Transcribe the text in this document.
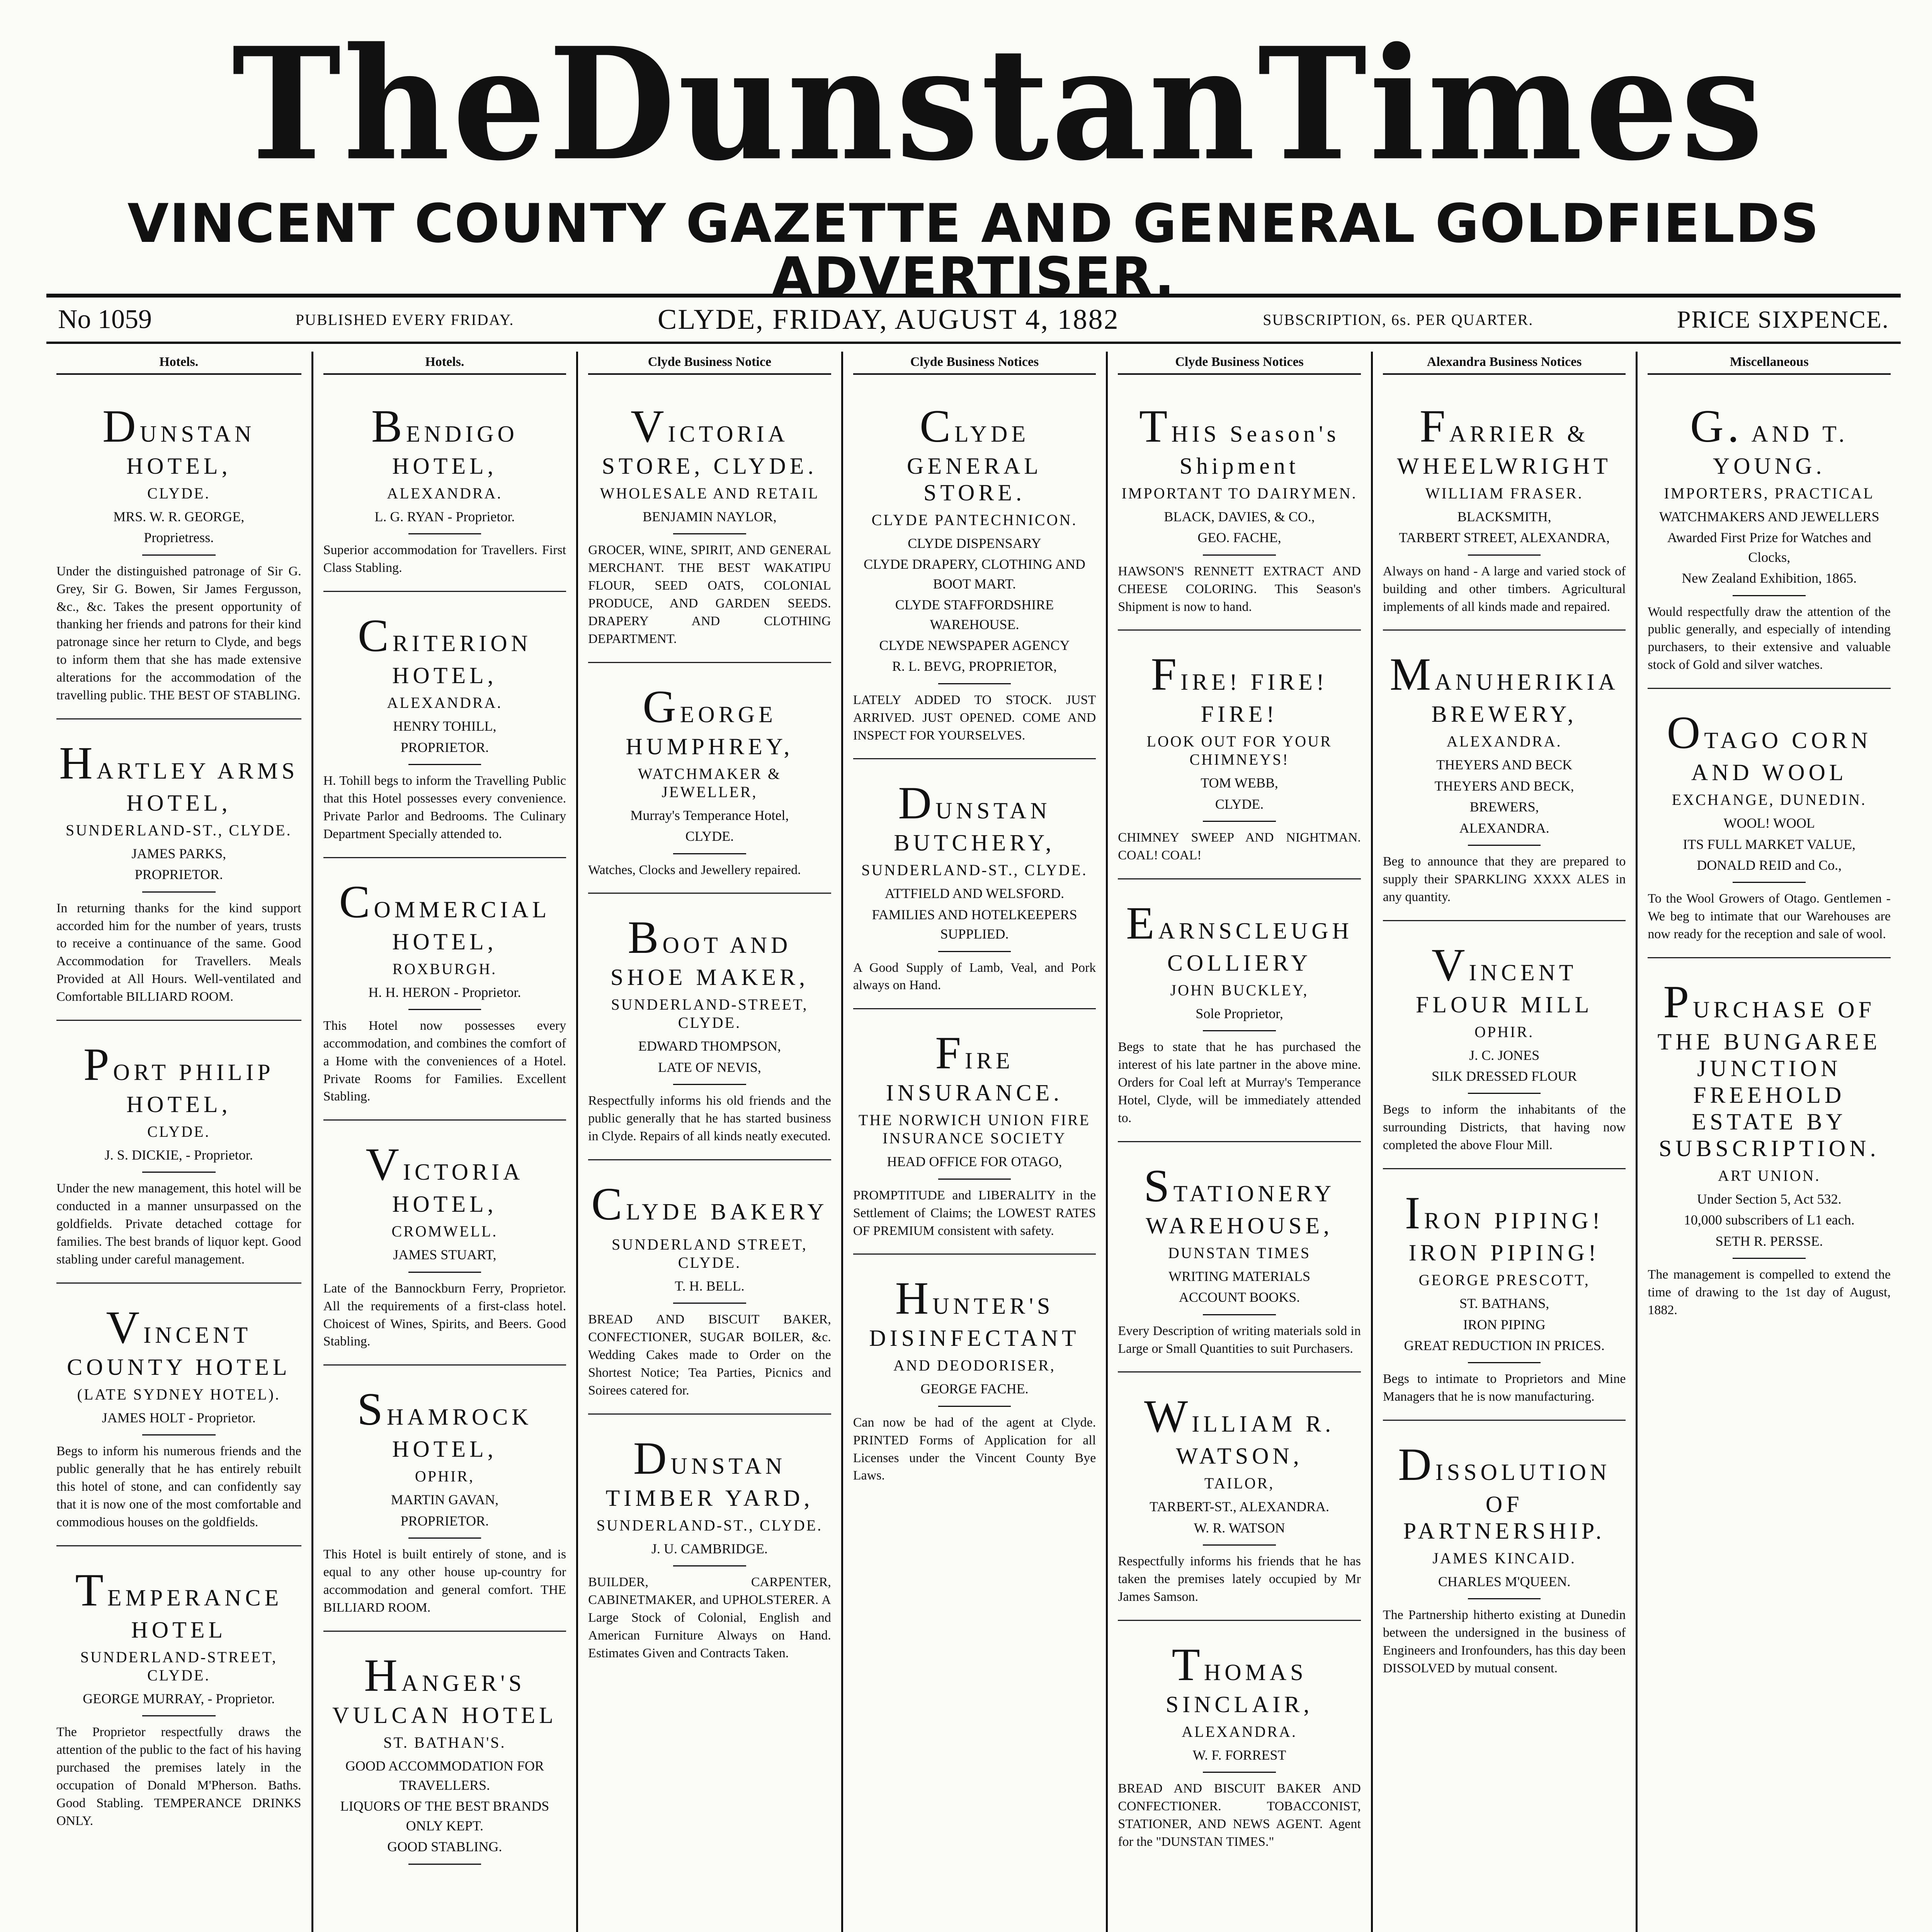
The Dunstan Times
VINCENT COUNTY GAZETTE AND GENERAL GOLDFIELDS ADVERTISER.
No 1059	PUBLISHED EVERY FRIDAY.	CLYDE, FRIDAY, AUGUST 4, 1882	SUBSCRIPTION, 6s. PER QUARTER.	PRICE SIXPENCE.
Hotels.
DUNSTAN HOTEL,
CLYDE.
MRS. W. R. GEORGE,
Proprietress.
Under the distinguished patronage of Sir G. Grey, Sir G. Bowen, Sir James Fergusson, &c., &c. Takes the present opportunity of thanking her friends and patrons for their kind patronage since her return to Clyde, and begs to inform them that she has made extensive alterations for the accommodation of the travelling public. THE BEST OF STABLING.
HARTLEY ARMS HOTEL,
SUNDERLAND-ST., CLYDE.
JAMES PARKS,
PROPRIETOR.
In returning thanks for the kind support accorded him for the number of years, trusts to receive a continuance of the same. Good Accommodation for Travellers. Meals Provided at All Hours. Well-ventilated and Comfortable BILLIARD ROOM.
PORT PHILIP HOTEL,
CLYDE.
J. S. DICKIE, - Proprietor.
Under the new management, this hotel will be conducted in a manner unsurpassed on the goldfields. Private detached cottage for families. The best brands of liquor kept. Good stabling under careful management.
VINCENT COUNTY HOTEL
(LATE SYDNEY HOTEL).
JAMES HOLT - Proprietor.
Begs to inform his numerous friends and the public generally that he has entirely rebuilt this hotel of stone, and can confidently say that it is now one of the most comfortable and commodious houses on the goldfields.
TEMPERANCE HOTEL
SUNDERLAND-STREET, CLYDE.
GEORGE MURRAY, - Proprietor.
The Proprietor respectfully draws the attention of the public to the fact of his having purchased the premises lately in the occupation of Donald M'Pherson. Baths. Good Stabling. TEMPERANCE DRINKS ONLY.
Hotels.
BENDIGO HOTEL,
ALEXANDRA.
L. G. RYAN - Proprietor.
Superior accommodation for Travellers. First Class Stabling.
CRITERION HOTEL,
ALEXANDRA.
HENRY TOHILL,
PROPRIETOR.
H. Tohill begs to inform the Travelling Public that this Hotel possesses every convenience. Private Parlor and Bedrooms. The Culinary Department Specially attended to.
COMMERCIAL HOTEL,
ROXBURGH.
H. H. HERON - Proprietor.
This Hotel now possesses every accommodation, and combines the comfort of a Home with the conveniences of a Hotel. Private Rooms for Families. Excellent Stabling.
VICTORIA HOTEL,
CROMWELL.
JAMES STUART,
Late of the Bannockburn Ferry, Proprietor. All the requirements of a first-class hotel. Choicest of Wines, Spirits, and Beers. Good Stabling.
SHAMROCK HOTEL,
OPHIR,
MARTIN GAVAN,
PROPRIETOR.
This Hotel is built entirely of stone, and is equal to any other house up-country for accommodation and general comfort. THE BILLIARD ROOM.
HANGER'S VULCAN HOTEL
ST. BATHAN'S.
GOOD ACCOMMODATION FOR TRAVELLERS.
LIQUORS OF THE BEST BRANDS ONLY KEPT.
GOOD STABLING.
Clyde Business Notice
VICTORIA STORE, CLYDE.
WHOLESALE AND RETAIL
BENJAMIN NAYLOR,
GROCER, WINE, SPIRIT, AND GENERAL MERCHANT. THE BEST WAKATIPU FLOUR, SEED OATS, COLONIAL PRODUCE, AND GARDEN SEEDS. DRAPERY AND CLOTHING DEPARTMENT.
GEORGE HUMPHREY,
WATCHMAKER & JEWELLER,
Murray's Temperance Hotel,
CLYDE.
Watches, Clocks and Jewellery repaired.
BOOT AND SHOE MAKER,
SUNDERLAND-STREET, CLYDE.
EDWARD THOMPSON,
LATE OF NEVIS,
Respectfully informs his old friends and the public generally that he has started business in Clyde. Repairs of all kinds neatly executed.
CLYDE BAKERY
SUNDERLAND STREET, CLYDE.
T. H. BELL.
BREAD AND BISCUIT BAKER, CONFECTIONER, SUGAR BOILER, &c. Wedding Cakes made to Order on the Shortest Notice; Tea Parties, Picnics and Soirees catered for.
DUNSTAN TIMBER YARD,
SUNDERLAND-ST., CLYDE.
J. U. CAMBRIDGE.
BUILDER, CARPENTER, CABINETMAKER, and UPHOLSTERER. A Large Stock of Colonial, English and American Furniture Always on Hand. Estimates Given and Contracts Taken.
Clyde Business Notices
CLYDE GENERAL STORE.
CLYDE PANTECHNICON.
CLYDE DISPENSARY
CLYDE DRAPERY, CLOTHING AND BOOT MART.
CLYDE STAFFORDSHIRE WAREHOUSE.
CLYDE NEWSPAPER AGENCY
R. L. BEVG, PROPRIETOR,
LATELY ADDED TO STOCK. JUST ARRIVED. JUST OPENED. COME AND INSPECT FOR YOURSELVES.
DUNSTAN BUTCHERY,
SUNDERLAND-ST., CLYDE.
ATTFIELD AND WELSFORD.
FAMILIES AND HOTELKEEPERS SUPPLIED.
A Good Supply of Lamb, Veal, and Pork always on Hand.
FIRE INSURANCE.
THE NORWICH UNION FIRE INSURANCE SOCIETY
HEAD OFFICE FOR OTAGO,
PROMPTITUDE and LIBERALITY in the Settlement of Claims; the LOWEST RATES OF PREMIUM consistent with safety.
HUNTER'S DISINFECTANT
AND DEODORISER,
GEORGE FACHE.
Can now be had of the agent at Clyde. PRINTED Forms of Application for all Licenses under the Vincent County Bye Laws.
Clyde Business Notices
THIS Season's Shipment
IMPORTANT TO DAIRYMEN.
BLACK, DAVIES, & CO.,
GEO. FACHE,
HAWSON'S RENNETT EXTRACT AND CHEESE COLORING. This Season's Shipment is now to hand.
FIRE! FIRE! FIRE!
LOOK OUT FOR YOUR CHIMNEYS!
TOM WEBB,
CLYDE.
CHIMNEY SWEEP AND NIGHTMAN. COAL! COAL!
EARNSCLEUGH COLLIERY
JOHN BUCKLEY,
Sole Proprietor,
Begs to state that he has purchased the interest of his late partner in the above mine. Orders for Coal left at Murray's Temperance Hotel, Clyde, will be immediately attended to.
STATIONERY WAREHOUSE,
DUNSTAN TIMES
WRITING MATERIALS
ACCOUNT BOOKS.
Every Description of writing materials sold in Large or Small Quantities to suit Purchasers.
WILLIAM R. WATSON,
TAILOR,
TARBERT-ST., ALEXANDRA.
W. R. WATSON
Respectfully informs his friends that he has taken the premises lately occupied by Mr James Samson.
THOMAS SINCLAIR,
ALEXANDRA.
W. F. FORREST
BREAD AND BISCUIT BAKER AND CONFECTIONER. TOBACCONIST, STATIONER, AND NEWS AGENT. Agent for the "DUNSTAN TIMES."
Alexandra Business Notices
FARRIER & WHEELWRIGHT
WILLIAM FRASER.
BLACKSMITH,
TARBERT STREET, ALEXANDRA,
Always on hand - A large and varied stock of building and other timbers. Agricultural implements of all kinds made and repaired.
MANUHERIKIA BREWERY,
ALEXANDRA.
THEYERS AND BECK
THEYERS AND BECK,
BREWERS,
ALEXANDRA.
Beg to announce that they are prepared to supply their SPARKLING XXXX ALES in any quantity.
VINCENT FLOUR MILL
OPHIR.
J. C. JONES
SILK DRESSED FLOUR
Begs to inform the inhabitants of the surrounding Districts, that having now completed the above Flour Mill.
IRON PIPING! IRON PIPING!
GEORGE PRESCOTT,
ST. BATHANS,
IRON PIPING
GREAT REDUCTION IN PRICES.
Begs to intimate to Proprietors and Mine Managers that he is now manufacturing.
DISSOLUTION OF PARTNERSHIP.
JAMES KINCAID.
CHARLES M'QUEEN.
The Partnership hitherto existing at Dunedin between the undersigned in the business of Engineers and Ironfounders, has this day been DISSOLVED by mutual consent.
Miscellaneous
G. AND T. YOUNG.
IMPORTERS, PRACTICAL
WATCHMAKERS AND JEWELLERS
Awarded First Prize for Watches and Clocks,
New Zealand Exhibition, 1865.
Would respectfully draw the attention of the public generally, and especially of intending purchasers, to their extensive and valuable stock of Gold and silver watches.
OTAGO CORN AND WOOL
EXCHANGE, DUNEDIN.
WOOL! WOOL
ITS FULL MARKET VALUE,
DONALD REID and Co.,
To the Wool Growers of Otago. Gentlemen - We beg to intimate that our Warehouses are now ready for the reception and sale of wool.
PURCHASE OF THE BUNGAREE JUNCTION FREEHOLD ESTATE BY SUBSCRIPTION.
ART UNION.
Under Section 5, Act 532.
10,000 subscribers of L1 each.
SETH R. PERSSE.
The management is compelled to extend the time of drawing to the 1st day of August, 1882.
